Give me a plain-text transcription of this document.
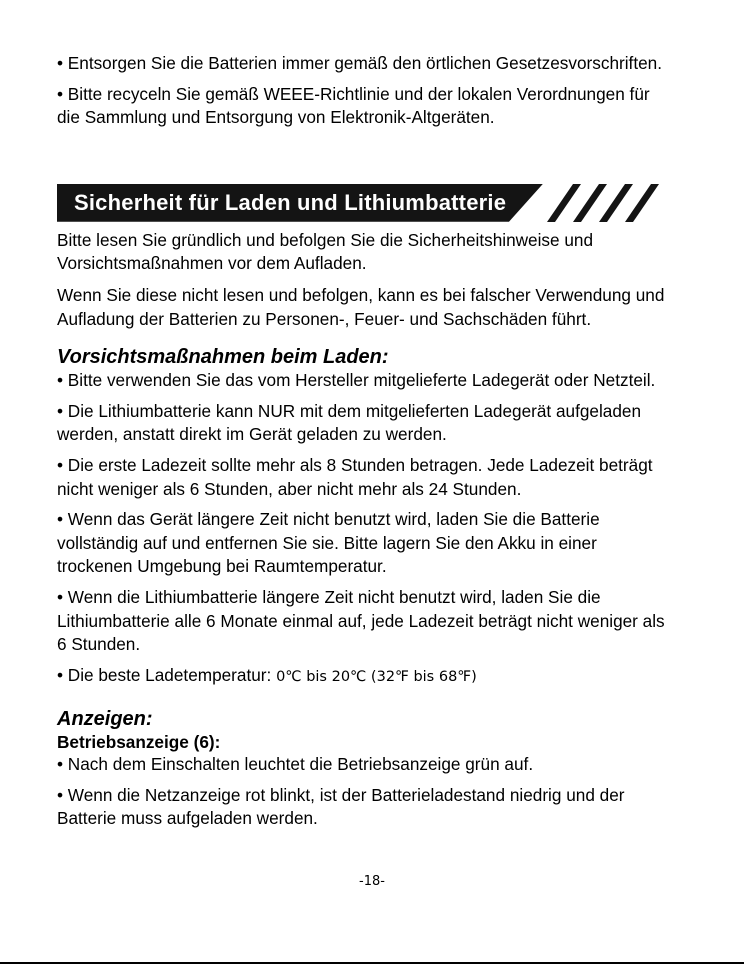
• Entsorgen Sie die Batterien immer gemäß den örtlichen Gesetzesvorschriften.

• Bitte recyceln Sie gemäß WEEE-Richtlinie und der lokalen Verordnungen für die Sammlung und Entsorgung von Elektronik-Altgeräten.

Sicherheit für Laden und Lithiumbatterie

Bitte lesen Sie gründlich und befolgen Sie die Sicherheitshinweise und Vorsichtsmaßnahmen vor dem Aufladen.

Wenn Sie diese nicht lesen und befolgen, kann es bei falscher Verwendung und Aufladung der Batterien zu Personen-, Feuer- und Sachschäden führt.

Vorsichtsmaßnahmen beim Laden:

• Bitte verwenden Sie das vom Hersteller mitgelieferte Ladegerät oder Netzteil.

• Die Lithiumbatterie kann NUR mit dem mitgelieferten Ladegerät aufgeladen werden, anstatt direkt im Gerät geladen zu werden.

• Die erste Ladezeit sollte mehr als 8 Stunden betragen. Jede Ladezeit beträgt nicht weniger als 6 Stunden, aber nicht mehr als 24 Stunden.

• Wenn das Gerät längere Zeit nicht benutzt wird, laden Sie die Batterie vollständig auf und entfernen Sie sie. Bitte lagern Sie den Akku in einer trockenen Umgebung bei Raumtemperatur.

• Wenn die Lithiumbatterie längere Zeit nicht benutzt wird, laden Sie die Lithiumbatterie alle 6 Monate einmal auf, jede Ladezeit beträgt nicht weniger als 6 Stunden.

• Die beste Ladetemperatur: 0℃ bis 20℃ (32℉ bis 68℉)

Anzeigen:
Betriebsanzeige (6):

• Nach dem Einschalten leuchtet die Betriebsanzeige grün auf.

• Wenn die Netzanzeige rot blinkt, ist der Batterieladestand niedrig und der Batterie muss aufgeladen werden.

-18-
